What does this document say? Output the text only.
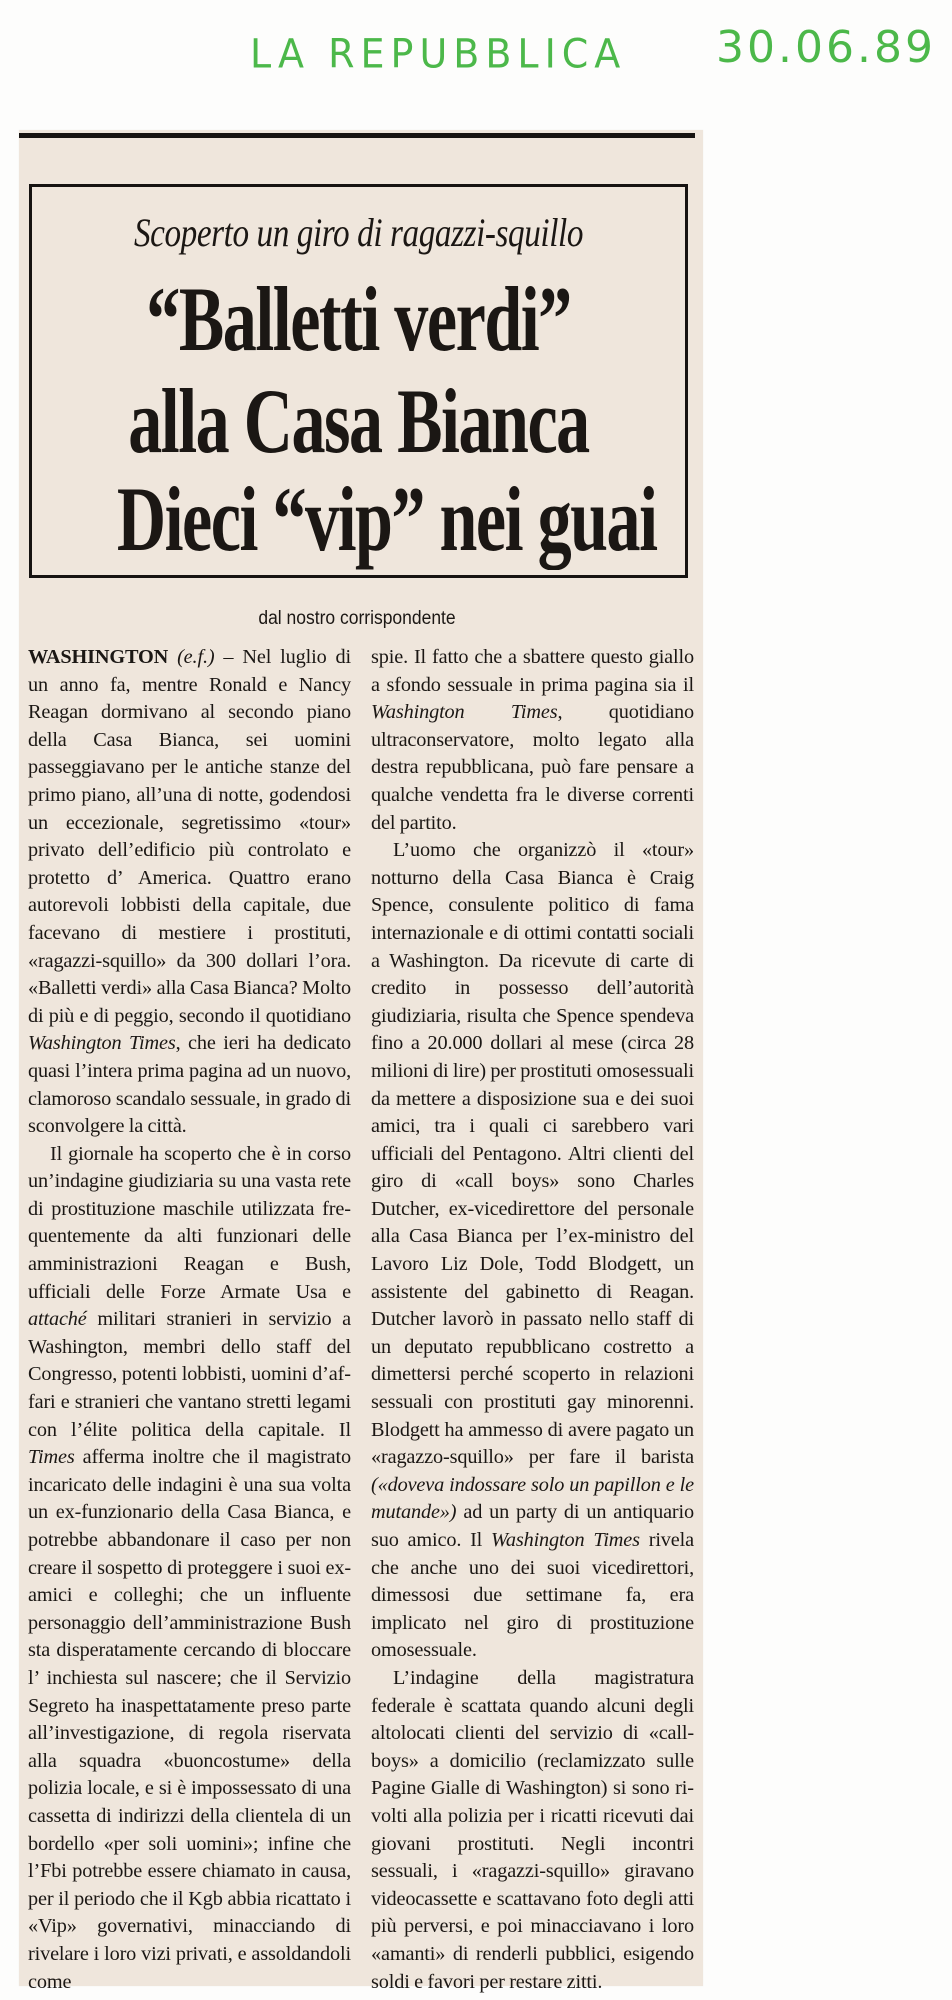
LA REPUBBLICA 30.06.89
Scoperto un giro di ragazzi-squillo
“Balletti verdi”
alla Casa Bianca
Dieci “vip” nei guai
dal nostro corrispondente

WASHINGTON (e.f.) – Nel luglio di un anno fa, mentre Ronald e Nancy Reagan dormivano al secondo piano della Casa Bianca, sei uomini passeggiavano per le antiche stanze del primo piano, all’una di notte, godendosi un eccezionale, segretissimo «tour» privato dell’edificio più controlato e protetto d’ America. Quattro erano autorevoli lobbisti della capitale, due facevano di mestiere i prostituti, «ragazzi-squillo» da 300 dollari l’ora. «Balletti verdi» alla Casa Bianca? Molto di più e di peggio, secondo il quotidiano Washington Times, che ieri ha dedicato quasi l’intera prima pagina ad un nuovo, clamoroso scandalo sessuale, in grado di sconvolgere la città.

Il giornale ha scoperto che è in corso un’indagine giudiziaria su una vasta rete di prostituzione maschile utilizzata frequentemente da alti funzionari delle amministrazioni Reagan e Bush, ufficiali delle Forze Armate Usa e attaché militari stranieri in servizio a Washington, membri dello staff del Congresso, potenti lobbisti, uomini d’affari e stranieri che vantano stretti legami con l’élite politica della capitale. Il Times afferma inoltre che il magistrato incaricato delle indagini è una sua volta un ex-funzionario della Casa Bianca, e potrebbe abbandonare il caso per non creare il sospetto di proteggere i suoi ex-amici e colleghi; che un influente personaggio dell’amministrazione Bush sta disperatamente cercando di bloccare l’ inchiesta sul nascere; che il Servizio Segreto ha inaspettatamente preso parte all’investigazione, di regola riservata alla squadra «buoncostume» della polizia locale, e si è impossessato di una cassetta di indirizzi della clientela di un bordello «per soli uomini»; infine che l’Fbi potrebbe essere chiamato in causa, per il periodo che il Kgb abbia ricattato i «Vip» governativi, minacciando di rivelare i loro vizi privati, e assoldandoli come

spie. Il fatto che a sbattere questo giallo a sfondo sessuale in prima pagina sia il Washington Times, quotidiano ultraconservatore, molto legato alla destra repubblicana, può fare pensare a qualche vendetta fra le diverse correnti del partito.

L’uomo che organizzò il «tour» notturno della Casa Bianca è Craig Spence, consulente politico di fama internazionale e di ottimi contatti sociali a Washington. Da ricevute di carte di credito in possesso dell’autorità giudiziaria, risulta che Spence spendeva fino a 20.000 dollari al mese (circa 28 milioni di lire) per prostituti omosessuali da mettere a disposizione sua e dei suoi amici, tra i quali ci sarebbero vari ufficiali del Pentagono. Altri clienti del giro di «call boys» sono Charles Dutcher, ex-vicedirettore del personale alla Casa Bianca per l’ex-ministro del Lavoro Liz Dole, Todd Blodgett, un assistente del gabinetto di Reagan. Dutcher lavorò in passato nello staff di un deputato repubblicano costretto a dimettersi perché scoperto in relazioni sessuali con prostituti gay minorenni. Blodgett ha ammesso di avere pagato un «ragazzo-squillo» per fare il barista («doveva indossare solo un papillon e le mutande») ad un party di un antiquario suo amico. Il Washington Times rivela che anche uno dei suoi vicedirettori, dimessosi due settimane fa, era implicato nel giro di prostituzione omosessuale.

L’indagine della magistratura federale è scattata quando alcuni degli altolocati clienti del servizio di «call-boys» a domicilio (reclamizzato sulle Pagine Gialle di Washington) si sono rivolti alla polizia per i ricatti ricevuti dai giovani prostituti. Negli incontri sessuali, i «ragazzi-squillo» giravano videocassette e scattavano foto degli atti più perversi, e poi minacciavano i loro «amanti» di renderli pubblici, esigendo soldi e favori per restare zitti.
